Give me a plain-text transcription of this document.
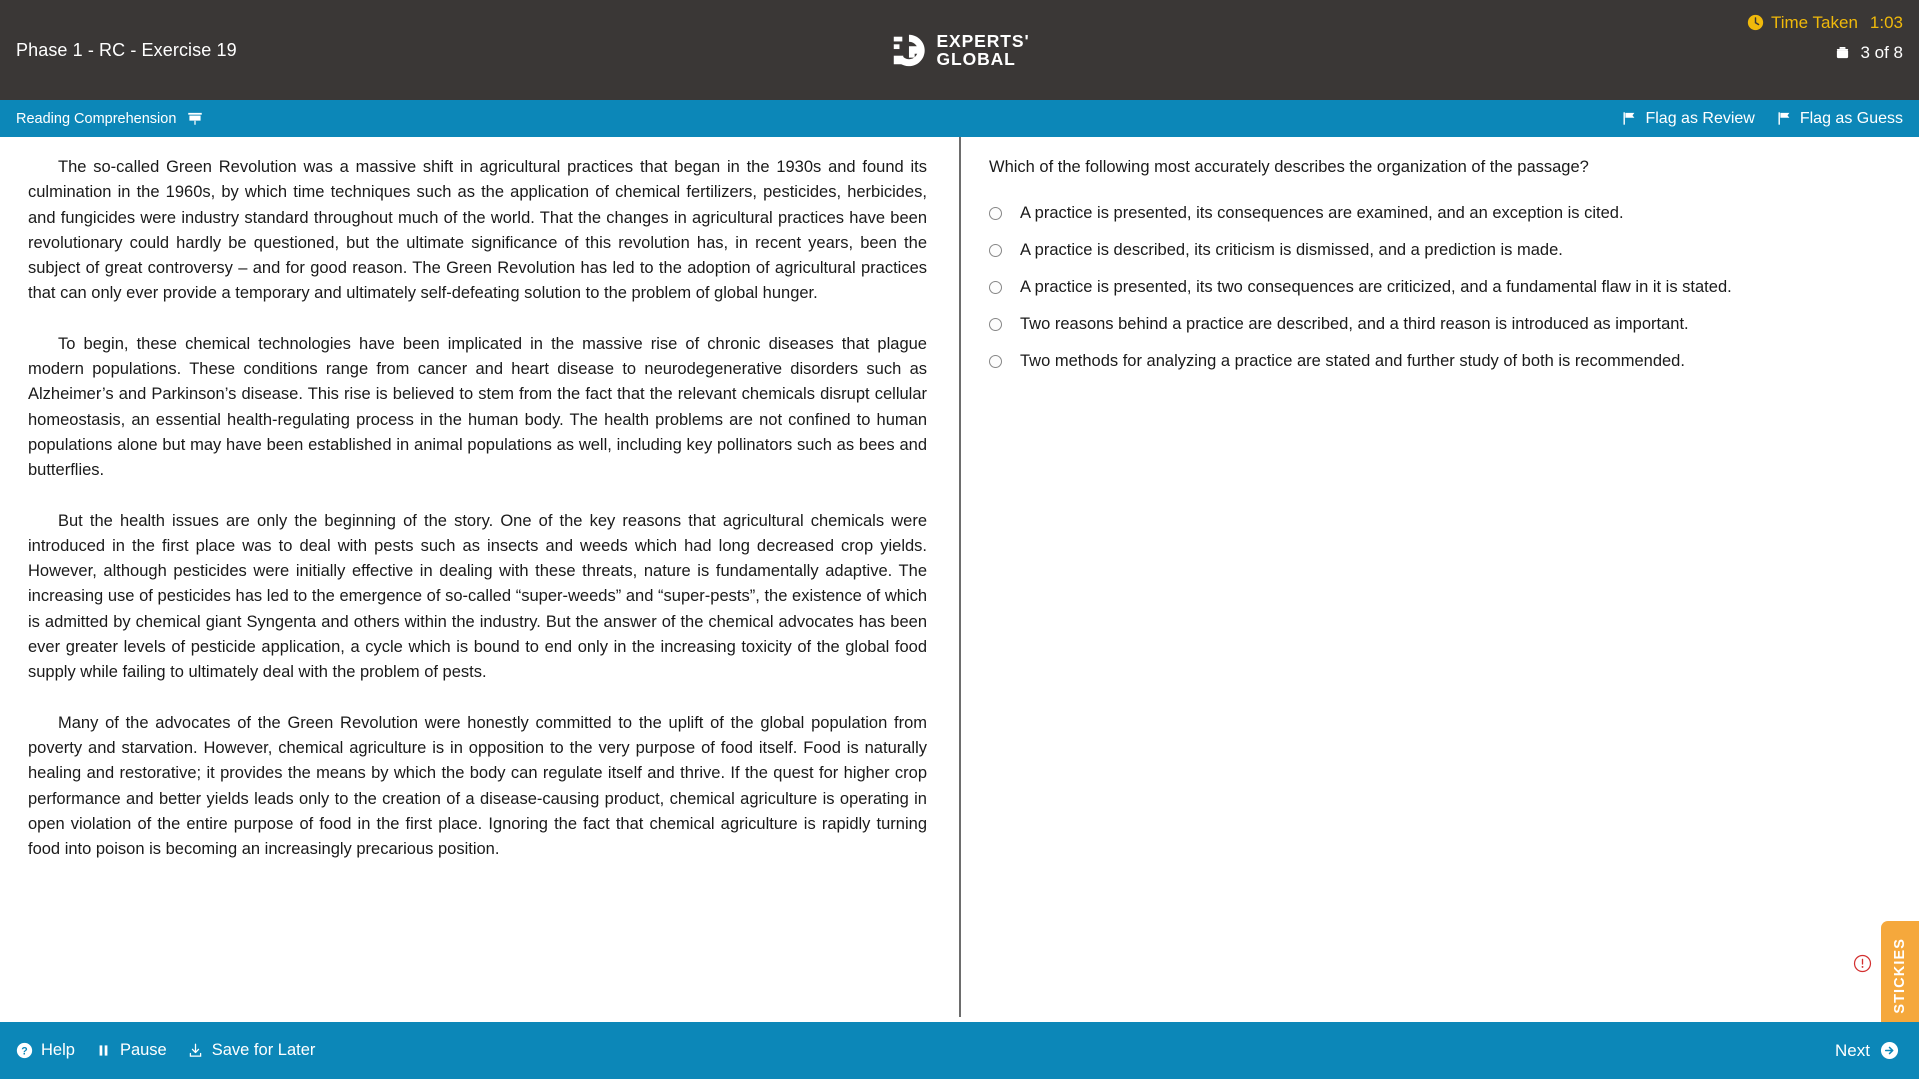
Phase 1 - RC - Exercise 19	EXPERTS'
GLOBAL
Time Taken 1:03
3 of 8
Reading Comprehension	Flag as Review	Flag as Guess

The so-called Green Revolution was a massive shift in agricultural practices that began in the 1930s and found its culmination in the 1960s, by which time techniques such as the application of chemical fertilizers, pesticides, herbicides, and fungicides were industry standard throughout much of the world. That the changes in agricultural practices have been revolutionary could hardly be questioned, but the ultimate significance of this revolution has, in recent years, been the subject of great controversy – and for good reason. The Green Revolution has led to the adoption of agricultural practices that can only ever provide a temporary and ultimately self-defeating solution to the problem of global hunger.

To begin, these chemical technologies have been implicated in the massive rise of chronic diseases that plague modern populations. These conditions range from cancer and heart disease to neurodegenerative disorders such as Alzheimer’s and Parkinson’s disease. This rise is believed to stem from the fact that the relevant chemicals disrupt cellular homeostasis, an essential health-regulating process in the human body. The health problems are not confined to human populations alone but may have been established in animal populations as well, including key pollinators such as bees and butterflies.

But the health issues are only the beginning of the story. One of the key reasons that agricultural chemicals were introduced in the first place was to deal with pests such as insects and weeds which had long decreased crop yields. However, although pesticides were initially effective in dealing with these threats, nature is fundamentally adaptive. The increasing use of pesticides has led to the emergence of so-called “super-weeds” and “super-pests”, the existence of which is admitted by chemical giant Syngenta and others within the industry. But the answer of the chemical advocates has been ever greater levels of pesticide application, a cycle which is bound to end only in the increasing toxicity of the global food supply while failing to ultimately deal with the problem of pests.

Many of the advocates of the Green Revolution were honestly committed to the uplift of the global population from poverty and starvation. However, chemical agriculture is in opposition to the very purpose of food itself. Food is naturally healing and restorative; it provides the means by which the body can regulate itself and thrive. If the quest for higher crop performance and better yields leads only to the creation of a disease-causing product, chemical agriculture is operating in open violation of the entire purpose of food in the first place. Ignoring the fact that chemical agriculture is rapidly turning food into poison is becoming an increasingly precarious position.

Which of the following most accurately describes the organization of the passage?
A practice is presented, its consequences are examined, and an exception is cited.
A practice is described, its criticism is dismissed, and a prediction is made.
A practice is presented, its two consequences are criticized, and a fundamental flaw in it is stated.
Two reasons behind a practice are described, and a third reason is introduced as important.
Two methods for analyzing a practice are stated and further study of both is recommended.
STICKIES
? Help	Pause	Save for Later	Next
